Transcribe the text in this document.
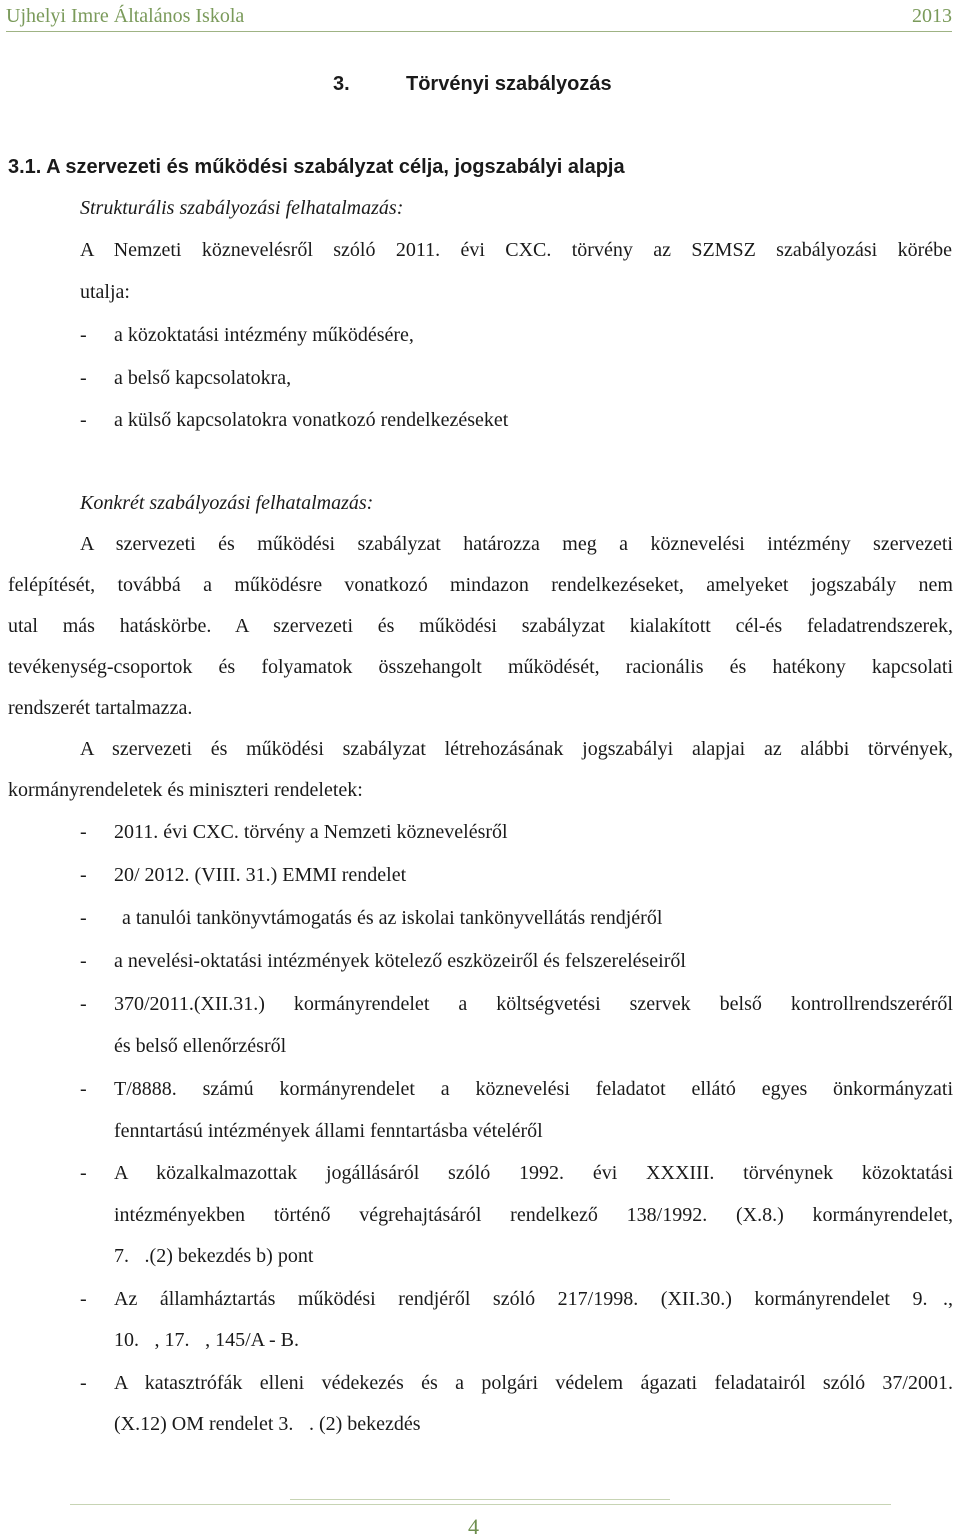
Ujhelyi Imre Általános Iskola	2013
3.	Törvényi szabályozás
3.1. A szervezeti és működési szabályzat célja, jogszabályi alapja
Strukturális szabályozási felhatalmazás:
A Nemzeti köznevelésről szóló 2011. évi CXC. törvény az SZMSZ szabályozási körébe
utalja:
- a közoktatási intézmény működésére,
- a belső kapcsolatokra,
- a külső kapcsolatokra vonatkozó rendelkezéseket
Konkrét szabályozási felhatalmazás:
A szervezeti és működési szabályzat határozza meg a köznevelési intézmény szervezeti
felépítését, továbbá a működésre vonatkozó mindazon rendelkezéseket, amelyeket jogszabály nem
utal más hatáskörbe. A szervezeti és működési szabályzat kialakított cél-és feladatrendszerek,
tevékenység-csoportok és folyamatok összehangolt működését, racionális és hatékony kapcsolati
rendszerét tartalmazza.
A szervezeti és működési szabályzat létrehozásának jogszabályi alapjai az alábbi törvények,
kormányrendeletek és miniszteri rendeletek:
- 2011. évi CXC. törvény a Nemzeti köznevelésről
- 20/ 2012. (VIII. 31.) EMMI rendelet
- a tanulói tankönyvtámogatás és az iskolai tankönyvellátás rendjéről
- a nevelési-oktatási intézmények kötelező eszközeiről és felszereléseiről
- 370/2011.(XII.31.) kormányrendelet a költségvetési szervek belső kontrollrendszeréről
és belső ellenőrzésről
- T/8888. számú kormányrendelet a köznevelési feladatot ellátó egyes önkormányzati
fenntartású intézmények állami fenntartásba vételéről
- A közalkalmazottak jogállásáról szóló 1992. évi XXXIII. törvénynek közoktatási
intézményekben történő végrehajtásáról rendelkező 138/1992. (X.8.) kormányrendelet,
7. .(2) bekezdés b) pont
- Az államháztartás működési rendjéről szóló 217/1998. (XII.30.) kormányrendelet 9. .,
10. , 17. , 145/A - B.
- A katasztrófák elleni védekezés és a polgári védelem ágazati feladatairól szóló 37/2001.
(X.12) OM rendelet 3. . (2) bekezdés
4
